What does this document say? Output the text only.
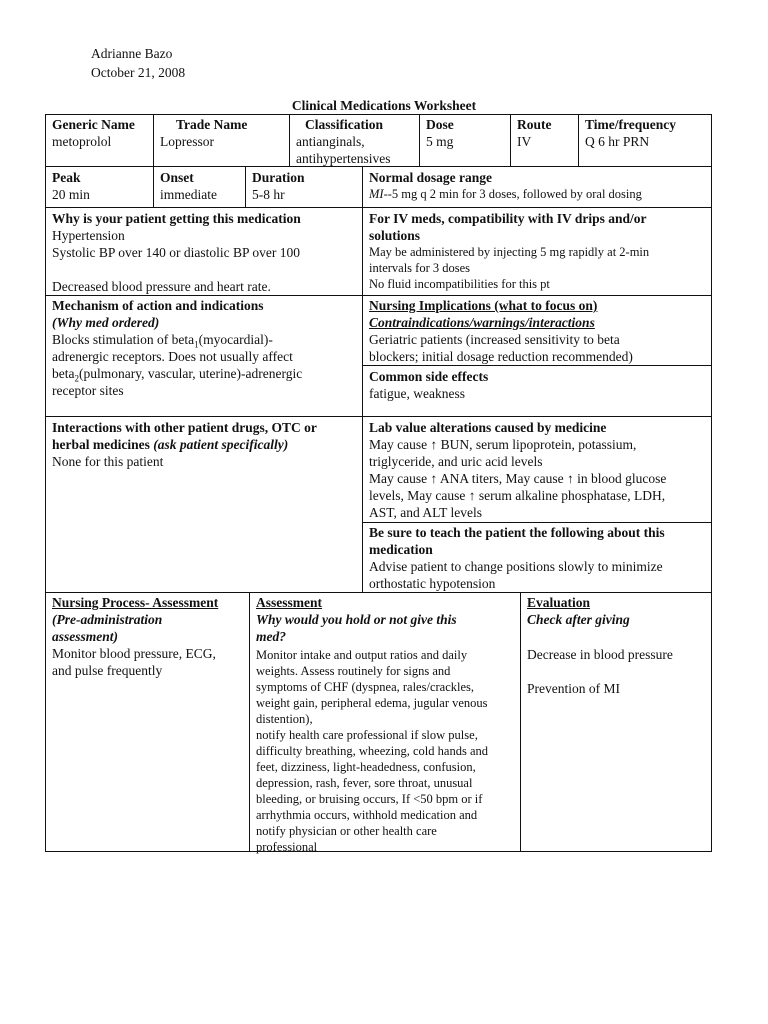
Adrianne Bazo
October 21, 2008
Clinical Medications Worksheet
Generic Name
metoprolol
Trade Name
Lopressor
Classification
antianginals,
antihypertensives
Dose
5 mg
Route
IV
Time/frequency
Q 6 hr PRN
Peak
20 min
Onset
immediate
Duration
5-8 hr
Normal dosage range
MI--5 mg q 2 min for 3 doses, followed by oral dosing
Why is your patient getting this medication
Hypertension
Systolic BP over 140 or diastolic BP over 100
Decreased blood pressure and heart rate.
For IV meds, compatibility with IV drips and/or
solutions
May be administered by injecting 5 mg rapidly at 2-min
intervals for 3 doses
No fluid incompatibilities for this pt
Mechanism of action and indications
(Why med ordered)
Blocks stimulation of beta$_1$(myocardial)-
adrenergic receptors. Does not usually affect
beta$_2$(pulmonary, vascular, uterine)-adrenergic
receptor sites
Nursing Implications (what to focus on)
Contraindications/warnings/interactions
Geriatric patients (increased sensitivity to beta
blockers; initial dosage reduction recommended)
Common side effects
fatigue, weakness
Interactions with other patient drugs, OTC or
herbal medicines (ask patient specifically)
None for this patient
Lab value alterations caused by medicine
May cause ↑ BUN, serum lipoprotein, potassium,
triglyceride, and uric acid levels
May cause ↑ ANA titers, May cause ↑ in blood glucose
levels, May cause ↑ serum alkaline phosphatase, LDH,
AST, and ALT levels
Be sure to teach the patient the following about this
medication
Advise patient to change positions slowly to minimize
orthostatic hypotension
Nursing Process- Assessment
(Pre-administration
assessment)
Monitor blood pressure, ECG,
and pulse frequently
Assessment
Why would you hold or not give this
med?
Monitor intake and output ratios and daily
weights. Assess routinely for signs and
symptoms of CHF (dyspnea, rales/crackles,
weight gain, peripheral edema, jugular venous
distention),
notify health care professional if slow pulse,
difficulty breathing, wheezing, cold hands and
feet, dizziness, light-headedness, confusion,
depression, rash, fever, sore throat, unusual
bleeding, or bruising occurs, If <50 bpm or if
arrhythmia occurs, withhold medication and
notify physician or other health care
professional
Evaluation
Check after giving
Decrease in blood pressure
Prevention of MI
